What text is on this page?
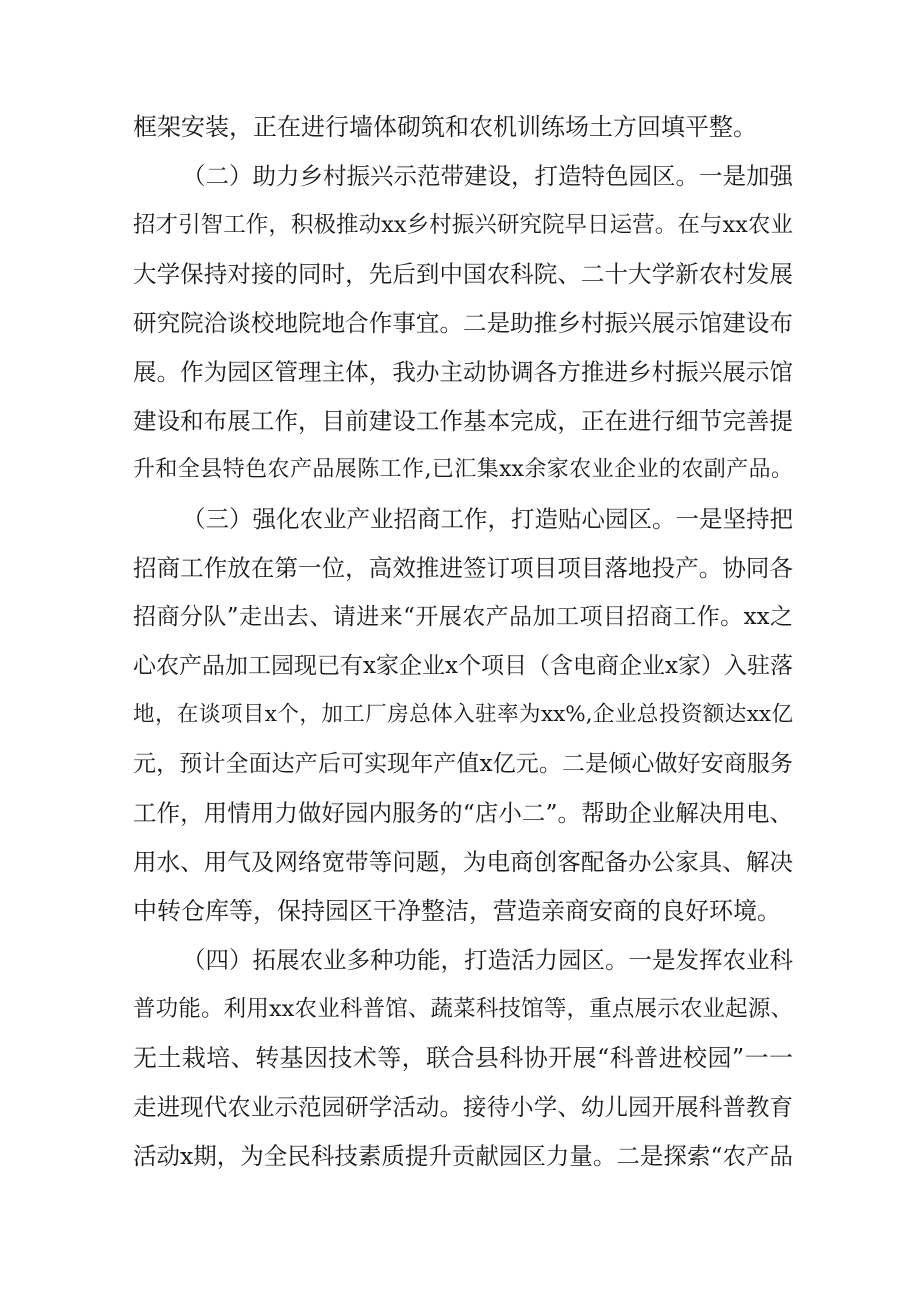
框架安装，正在进行墙体砌筑和农机训练场土方回填平整。
（二）助力乡村振兴示范带建设，打造特色园区。一是加强
招才引智工作，积极推动xx乡村振兴研究院早日运营。在与xx农业
大学保持对接的同时，先后到中国农科院、二十大学新农村发展
研究院洽谈校地院地合作事宜。二是助推乡村振兴展示馆建设布
展。作为园区管理主体，我办主动协调各方推进乡村振兴展示馆
建设和布展工作，目前建设工作基本完成，正在进行细节完善提
升和全县特色农产品展陈工作,已汇集xx余家农业企业的农副产品。
（三）强化农业产业招商工作，打造贴心园区。一是坚持把
招商工作放在第一位，高效推进签订项目项目落地投产。协同各
招商分队”走出去、请进来“开展农产品加工项目招商工作。xx之
心农产品加工园现已有x家企业x个项目（含电商企业x家）入驻落
地，在谈项目x个，加工厂房总体入驻率为xx%,企业总投资额达xx亿
元，预计全面达产后可实现年产值x亿元。二是倾心做好安商服务
工作，用情用力做好园内服务的“店小二”。帮助企业解决用电、
用水、用气及网络宽带等问题，为电商创客配备办公家具、解决
中转仓库等，保持园区干净整洁，营造亲商安商的良好环境。
（四）拓展农业多种功能，打造活力园区。一是发挥农业科
普功能。利用xx农业科普馆、蔬菜科技馆等，重点展示农业起源、
无土栽培、转基因技术等，联合县科协开展“科普进校园”一一
走进现代农业示范园研学活动。接待小学、幼儿园开展科普教育
活动x期，为全民科技素质提升贡献园区力量。二是探索“农产品
